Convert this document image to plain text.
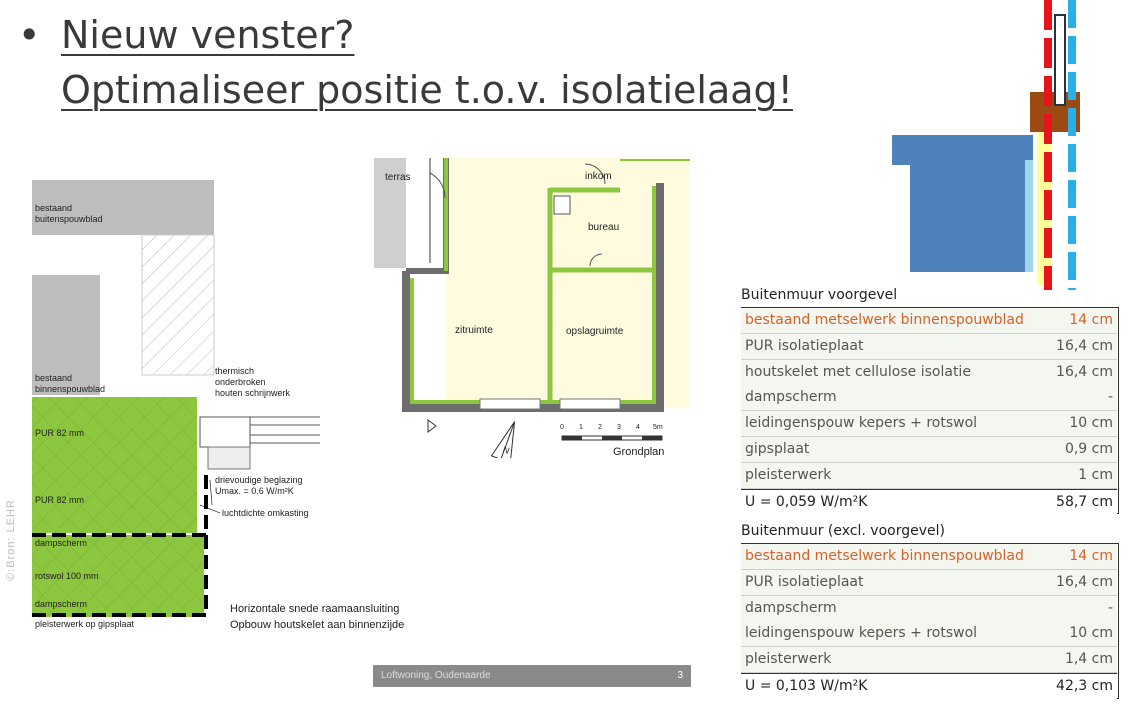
• Nieuw venster?
Optimaliseer positie t.o.v. isolatielaag!
bestaand
buitenspouwblad
bestaand
binnenspouwblad
thermisch
onderbroken
houten schrijnwerk
PUR 82 mm
PUR 82 mm
drievoudige beglazing
Umax. = 0.6 W/m²K
luchtdichte omkasting
dampscherm
rotswol 100 mm
dampscherm
pleisterwerk op gipsplaat
Horizontale snede raamaansluiting
Opbouw houtskelet aan binnenzijde
©:Bron: LEHR
terras	inkom
bureau
zitruimte	opslagruimte
N
0 1 2 3 4 5m
Grondplan
Loftwoning, Oudenaarde	3
Buitenmuur voorgevel
bestaand metselwerk binnenspouwblad	14 cm
PUR isolatieplaat	16,4 cm
houtskelet met cellulose isolatie	16,4 cm
dampscherm	-
leidingenspouw kepers + rotswol	10 cm
gipsplaat	0,9 cm
pleisterwerk	1 cm
U = 0,059 W/m²K	58,7 cm
Buitenmuur (excl. voorgevel)
bestaand metselwerk binnenspouwblad	14 cm
PUR isolatieplaat	16,4 cm
dampscherm	-
leidingenspouw kepers + rotswol	10 cm
pleisterwerk	1,4 cm
U = 0,103 W/m²K	42,3 cm
